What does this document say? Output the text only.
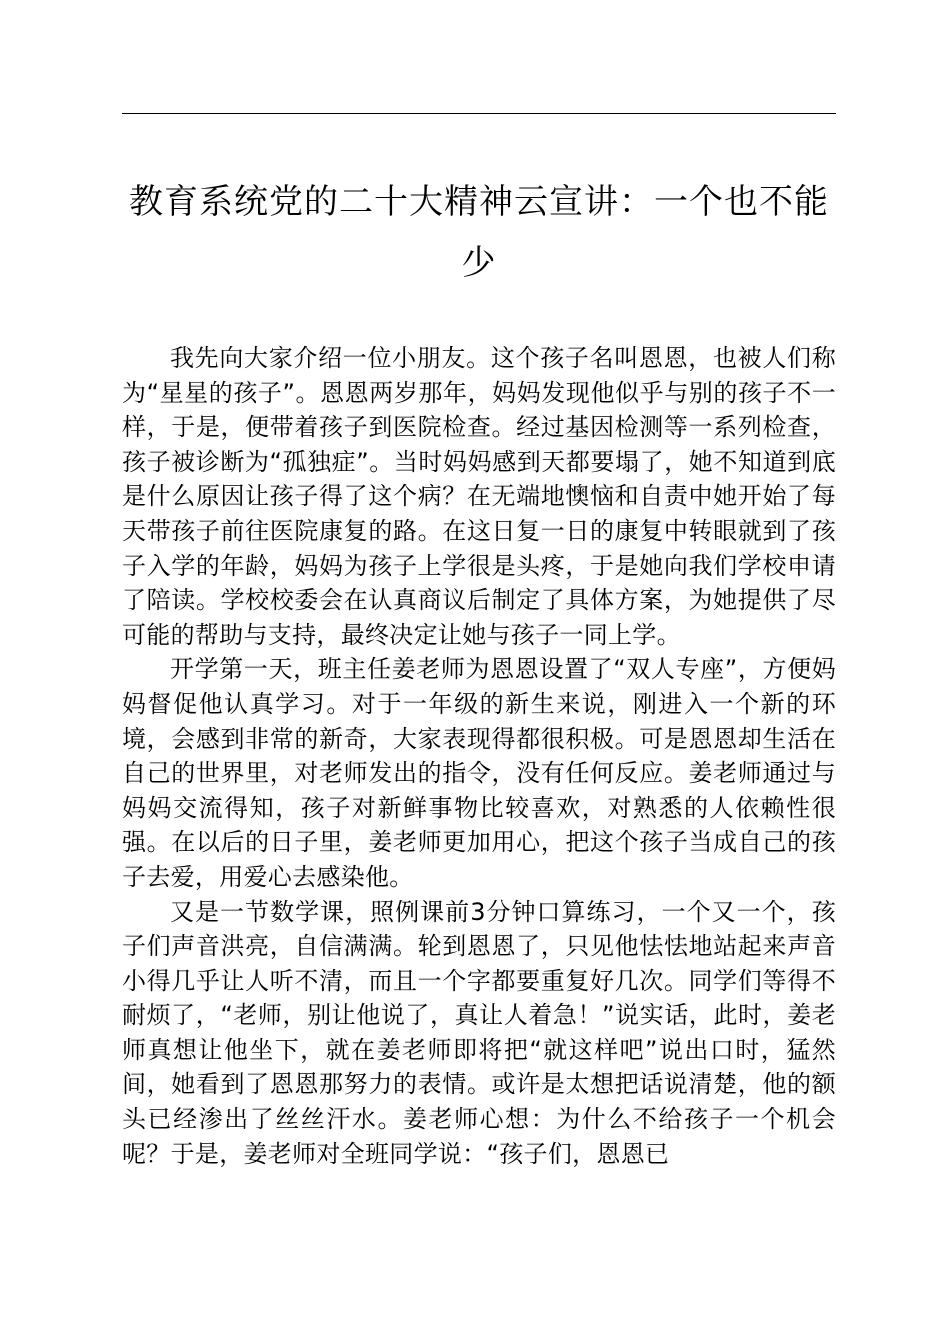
教育系统党的二十大精神云宣讲：一个也不能少

我先向大家介绍一位小朋友。这个孩子名叫恩恩，也被人们称为“星星的孩子”。恩恩两岁那年，妈妈发现他似乎与别的孩子不一样，于是，便带着孩子到医院检查。经过基因检测等一系列检查，孩子被诊断为“孤独症”。当时妈妈感到天都要塌了，她不知道到底是什么原因让孩子得了这个病？在无端地懊恼和自责中她开始了每天带孩子前往医院康复的路。在这日复一日的康复中转眼就到了孩子入学的年龄，妈妈为孩子上学很是头疼，于是她向我们学校申请了陪读。学校校委会在认真商议后制定了具体方案，为她提供了尽可能的帮助与支持，最终决定让她与孩子一同上学。

开学第一天，班主任姜老师为恩恩设置了“双人专座”，方便妈妈督促他认真学习。对于一年级的新生来说，刚进入一个新的环境，会感到非常的新奇，大家表现得都很积极。可是恩恩却生活在自己的世界里，对老师发出的指令，没有任何反应。姜老师通过与妈妈交流得知，孩子对新鲜事物比较喜欢，对熟悉的人依赖性很强。在以后的日子里，姜老师更加用心，把这个孩子当成自己的孩子去爱，用爱心去感染他。

又是一节数学课，照例课前3分钟口算练习，一个又一个，孩子们声音洪亮，自信满满。轮到恩恩了，只见他怯怯地站起来声音小得几乎让人听不清，而且一个字都要重复好几次。同学们等得不耐烦了，“老师，别让他说了，真让人着急！”说实话，此时，姜老师真想让他坐下，就在姜老师即将把“就这样吧”说出口时，猛然间，她看到了恩恩那努力的表情。或许是太想把话说清楚，他的额头已经渗出了丝丝汗水。姜老师心想：为什么不给孩子一个机会呢？于是，姜老师对全班同学说：“孩子们，恩恩已
